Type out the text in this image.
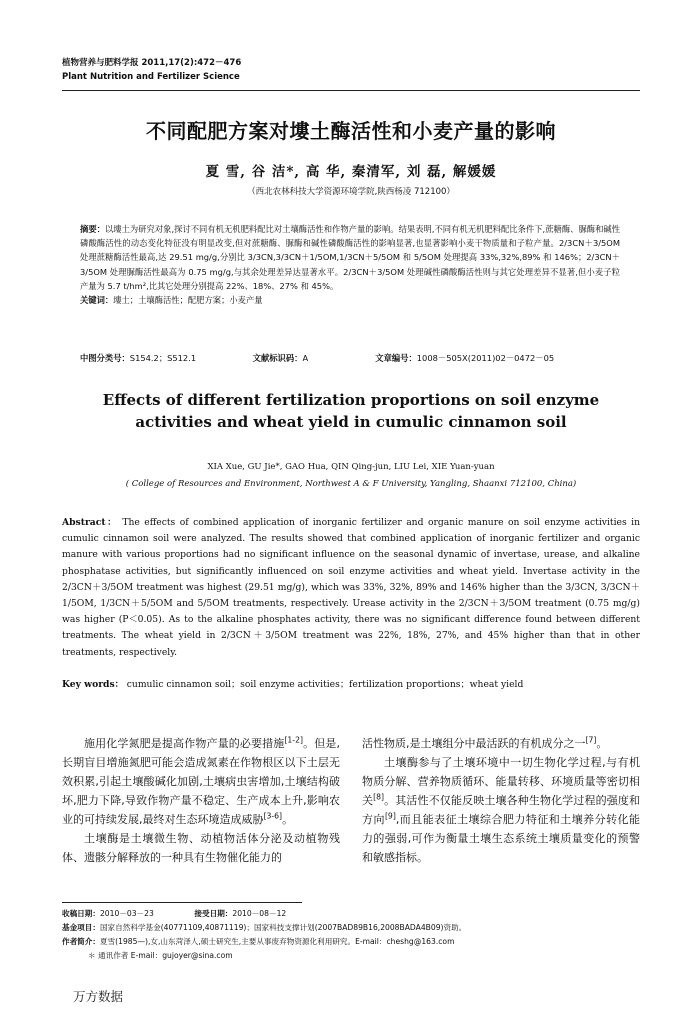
植物营养与肥料学报 2011,17(2):472－476
Plant Nutrition and Fertilizer Science
不同配肥方案对塿土酶活性和小麦产量的影响
夏 雪, 谷 洁*, 高 华, 秦清军, 刘 磊, 解媛媛
（西北农林科技大学资源环境学院,陕西杨凌 712100）
摘要：以塿土为研究对象,探讨不同有机无机肥料配比对土壤酶活性和作物产量的影响。结果表明,不同有机无机肥料配比条件下,蔗糖酶、脲酶和碱性磷酸酶活性的动态变化特征没有明显改变,但对蔗糖酶、脲酶和碱性磷酸酶活性的影响显著,也显著影响小麦干物质量和子粒产量。2/3CN＋3/5OM 处理蔗糖酶活性最高,达 29.51 mg/g,分别比 3/3CN,3/3CN＋1/5OM,1/3CN＋5/5OM 和 5/5OM 处理提高 33%,32%,89% 和 146%；2/3CN＋3/5OM 处理脲酶活性最高为 0.75 mg/g,与其余处理差异达显著水平。2/3CN＋3/5OM 处理碱性磷酸酶活性则与其它处理差异不显著,但小麦子粒产量为 5.7 t/hm²,比其它处理分别提高 22%、18%、27% 和 45%。
关键词：塿土；土壤酶活性；配肥方案；小麦产量
中图分类号：S154.2；S512.1	文献标识码：A	文章编号：1008－505X(2011)02－0472－05
Effects of different fertilization proportions on soil enzyme activities and wheat yield in cumulic cinnamon soil
XIA Xue, GU Jie*, GAO Hua, QIN Qing-jun, LIU Lei, XIE Yuan-yuan
( College of Resources and Environment, Northwest A & F University, Yangling, Shaanxi 712100, China)
Abstract： The effects of combined application of inorganic fertilizer and organic manure on soil enzyme activities in cumulic cinnamon soil were analyzed. The results showed that combined application of inorganic fertilizer and organic manure with various proportions had no significant influence on the seasonal dynamic of invertase, urease, and alkaline phosphatase activities, but significantly influenced on soil enzyme activities and wheat yield. Invertase activity in the 2/3CN＋3/5OM treatment was highest (29.51 mg/g), which was 33%, 32%, 89% and 146% higher than the 3/3CN, 3/3CN＋1/5OM, 1/3CN＋5/5OM and 5/5OM treatments, respectively. Urease activity in the 2/3CN＋3/5OM treatment (0.75 mg/g) was higher (P＜0.05). As to the alkaline phosphates activity, there was no significant difference found between different treatments. The wheat yield in 2/3CN＋3/5OM treatment was 22%, 18%, 27%, and 45% higher than that in other treatments, respectively.
Key words： cumulic cinnamon soil；soil enzyme activities；fertilization proportions；wheat yield

施用化学氮肥是提高作物产量的必要措施[1-2]。但是,长期盲目增施氮肥可能会造成氮素在作物根区以下土层无效积累,引起土壤酸碱化加剧,土壤病虫害增加,土壤结构破坏,肥力下降,导致作物产量不稳定、生产成本上升,影响农业的可持续发展,最终对生态环境造成威胁[3-6]。

土壤酶是土壤微生物、动植物活体分泌及动植物残体、遗骸分解释放的一种具有生物催化能力的

活性物质,是土壤组分中最活跃的有机成分之一[7]。

土壤酶参与了土壤环境中一切生物化学过程,与有机物质分解、营养物质循环、能量转移、环境质量等密切相关[8]。其活性不仅能反映土壤各种生物化学过程的强度和方向[9],而且能表征土壤综合肥力特征和土壤养分转化能力的强弱,可作为衡量土壤生态系统土壤质量变化的预警和敏感指标。

收稿日期：2010－03－23	接受日期：2010－08－12
基金项目：国家自然科学基金(40771109,40871119)；国家科技支撑计划(2007BAD89B16,2008BADA4B09)资助。
作者简介：夏雪(1985—),女,山东菏泽人,硕士研究生,主要从事废弃物资源化利用研究。E-mail：cheshg@163.com
＊ 通讯作者 E-mail：gujoyer@sina.com
万方数据
